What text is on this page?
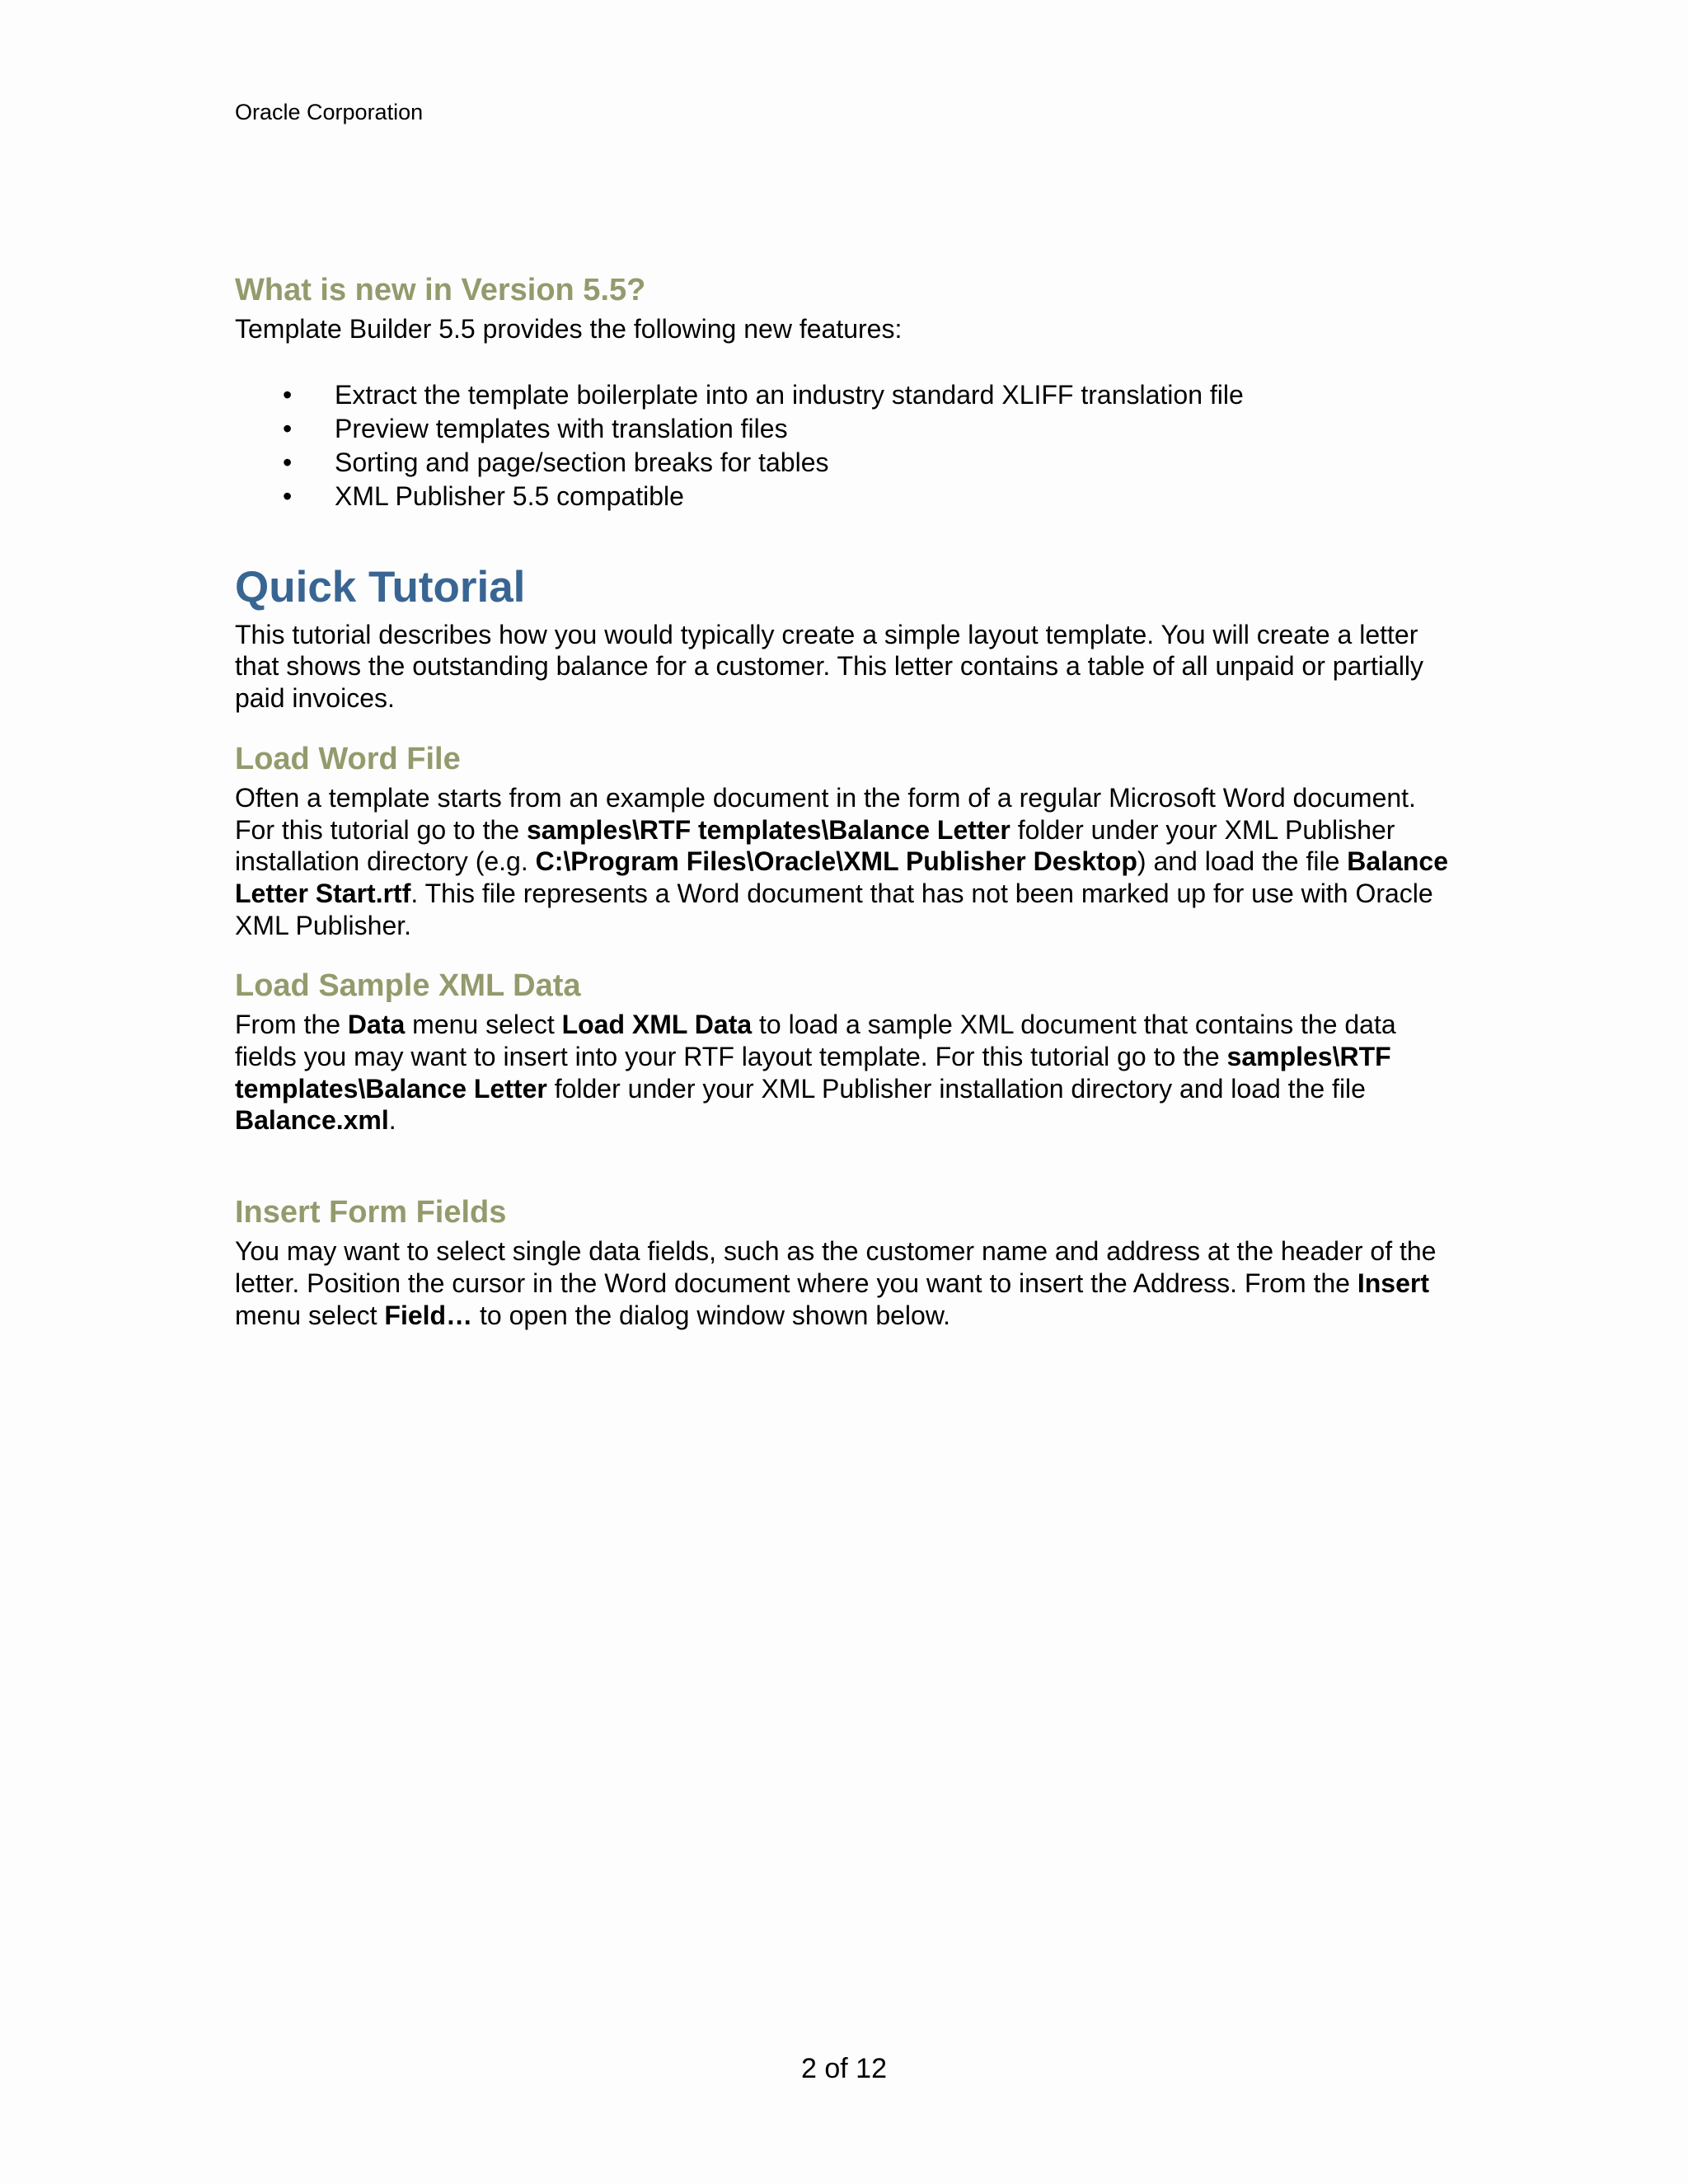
Oracle Corporation
What is new in Version 5.5?

Template Builder 5.5 provides the following new features:

•	Extract the template boilerplate into an industry standard XLIFF translation file
•	Preview templates with translation files
•	Sorting and page/section breaks for tables
•	XML Publisher 5.5 compatible
Quick Tutorial

This tutorial describes how you would typically create a simple layout template. You will create a letter that shows the outstanding balance for a customer. This letter contains a table of all unpaid or partially paid invoices.

Load Word File

Often a template starts from an example document in the form of a regular Microsoft Word document. For this tutorial go to the samples\RTF templates\Balance Letter folder under your XML Publisher installation directory (e.g. C:\Program Files\Oracle\XML Publisher Desktop) and load the file Balance Letter Start.rtf. This file represents a Word document that has not been marked up for use with Oracle XML Publisher.

Load Sample XML Data

From the Data menu select Load XML Data to load a sample XML document that contains the data fields you may want to insert into your RTF layout template. For this tutorial go to the samples\RTF templates\Balance Letter folder under your XML Publisher installation directory and load the file Balance.xml.

Insert Form Fields

You may want to select single data fields, such as the customer name and address at the header of the letter. Position the cursor in the Word document where you want to insert the Address. From the Insert menu select Field… to open the dialog window shown below.

2 of 12
